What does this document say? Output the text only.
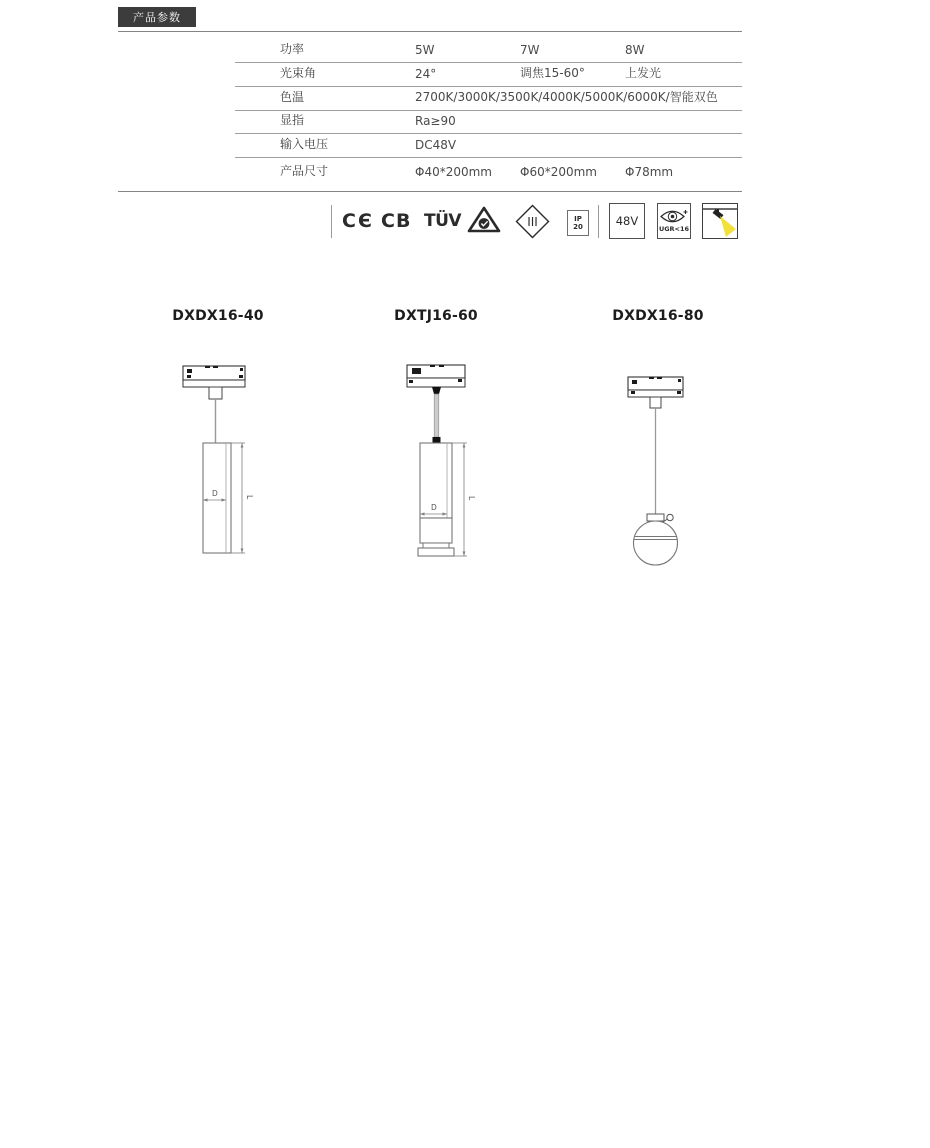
产品参数
功率	5W	7W	8W
光束角	24°	调焦15-60°	上发光
色温	2700K/3000K/3500K/4000K/5000K/6000K/智能双色
显指	Ra≥90
输入电压	DC48V
产品尺寸	Φ40*200mm Φ60*200mm Φ78mm
CЄ CB TÜV	III	IP
20	48V
UGR<16
DXDX16-40	DXTJ16-60	DXDX16-80
D	L
D
L
